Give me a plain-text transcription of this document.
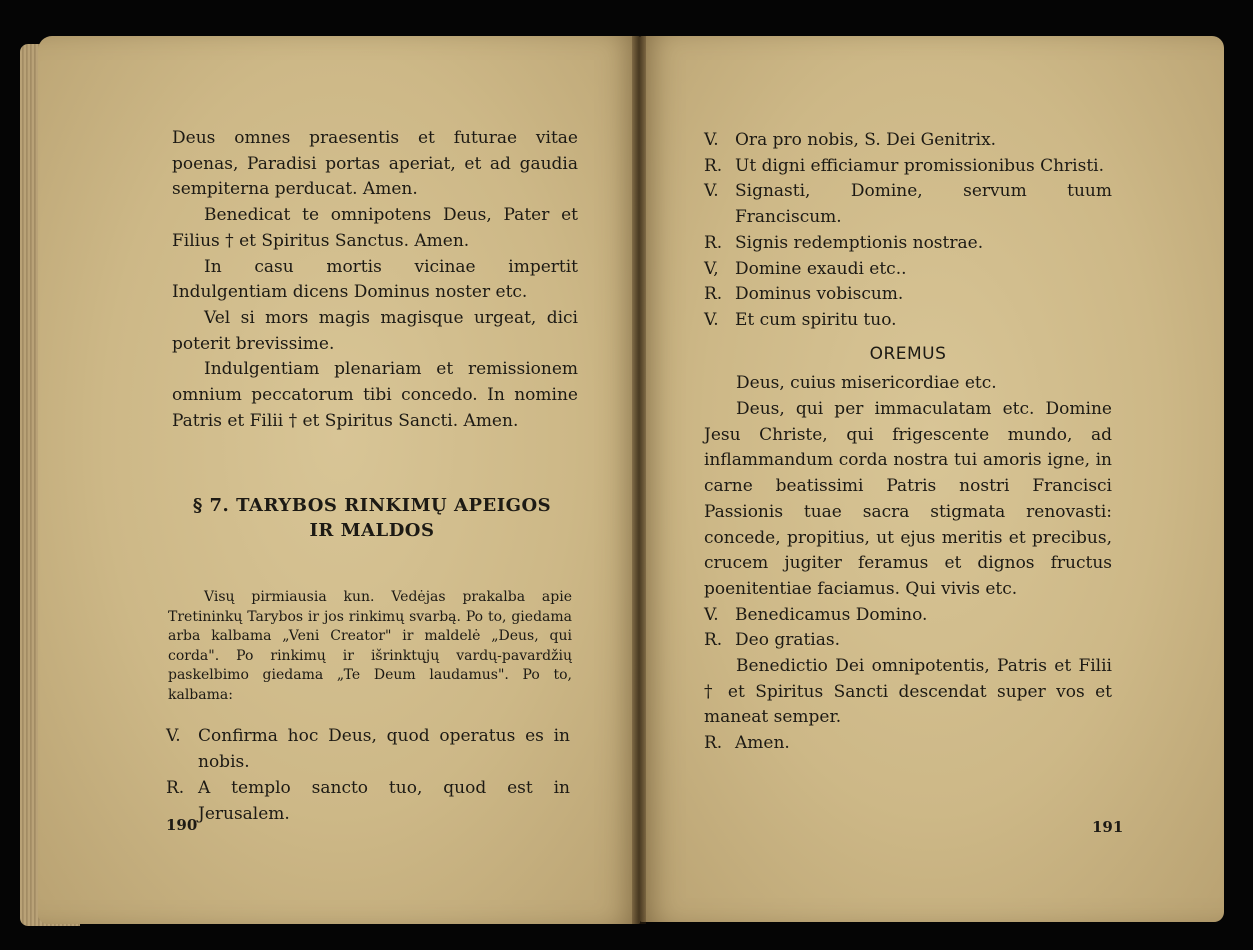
Deus omnes praesentis et futurae vitae poenas, Paradisi portas aperiat, et ad gaudia sempiterna perducat. Amen.

Benedicat te omnipotens Deus, Pater et Filius † et Spiritus Sanctus. Amen.

In casu mortis vicinae impertit Indulgentiam dicens Dominus noster etc.

Vel si mors magis magisque urgeat, dici poterit brevissime.

Indulgentiam plenariam et remissionem omnium peccatorum tibi concedo. In nomine Patris et Filii † et Spiritus Sancti. Amen.

§ 7. TARYBOS RINKIMŲ APEIGOS
IR MALDOS

Visų pirmiausia kun. Vedėjas prakalba apie Tretininkų Tarybos ir jos rinkimų svarbą. Po to, giedama arba kalbama „Veni Creator" ir maldelė „Deus, qui corda". Po rinkimų ir išrinktųjų vardų-pavardžių paskelbimo giedama „Te Deum laudamus". Po to, kalbama:

V.	Confirma hoc Deus, quod operatus es in nobis.
R. A templo sancto tuo, quod est in Jerusalem.
190
V. Ora pro nobis, S. Dei Genitrix.
R. Ut digni efficiamur promissionibus Christi.
V. Signasti, Domine, servum tuum Franciscum.
R. Signis redemptionis nostrae.
V, Domine exaudi etc..
R. Dominus vobiscum.
V. Et cum spiritu tuo.
OREMUS

Deus, cuius misericordiae etc.

Deus, qui per immaculatam etc. Domine Jesu Christe, qui frigescente mundo, ad inflammandum corda nostra tui amoris igne, in carne beatissimi Patris nostri Francisci Passionis tuae sacra stigmata renovasti: concede, propitius, ut ejus meritis et precibus, crucem jugiter feramus et dignos fructus poenitentiae faciamus. Qui vivis etc.

V. Benedicamus Domino.
R. Deo gratias.

Benedictio Dei omnipotentis, Patris et Filii † et Spiritus Sancti descendat super vos et maneat semper.

R. Amen.
191
